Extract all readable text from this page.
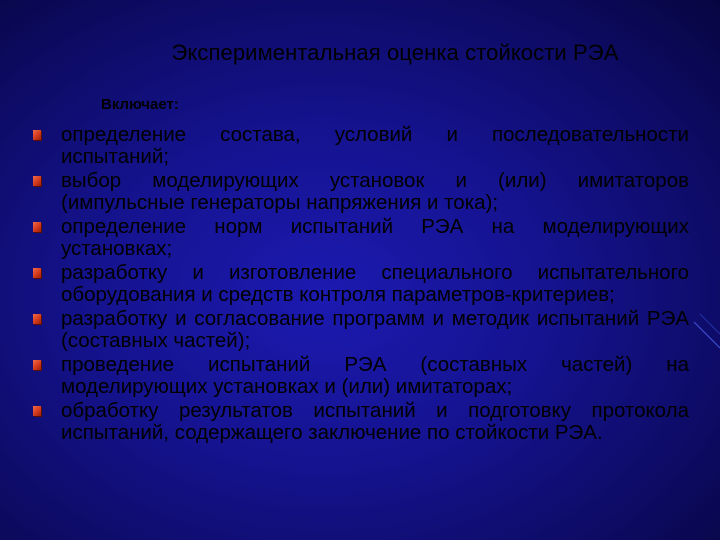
Экспериментальная оценка стойкости РЭА
Включает:
определение состава, условий и последовательности испытаний;
выбор моделирующих установок и (или) имитаторов (импульсные генераторы напряжения и тока);
определение норм испытаний РЭА на моделирующих установках;
разработку и изготовление специального испытательного оборудования и средств контроля параметров-критериев;
разработку и согласование программ и методик испытаний РЭА (составных частей);
проведение испытаний РЭА (составных частей) на моделирующих установках и (или) имитаторах;
обработку результатов испытаний и подготовку протокола испытаний, содержащего заключение по стойкости РЭА.
